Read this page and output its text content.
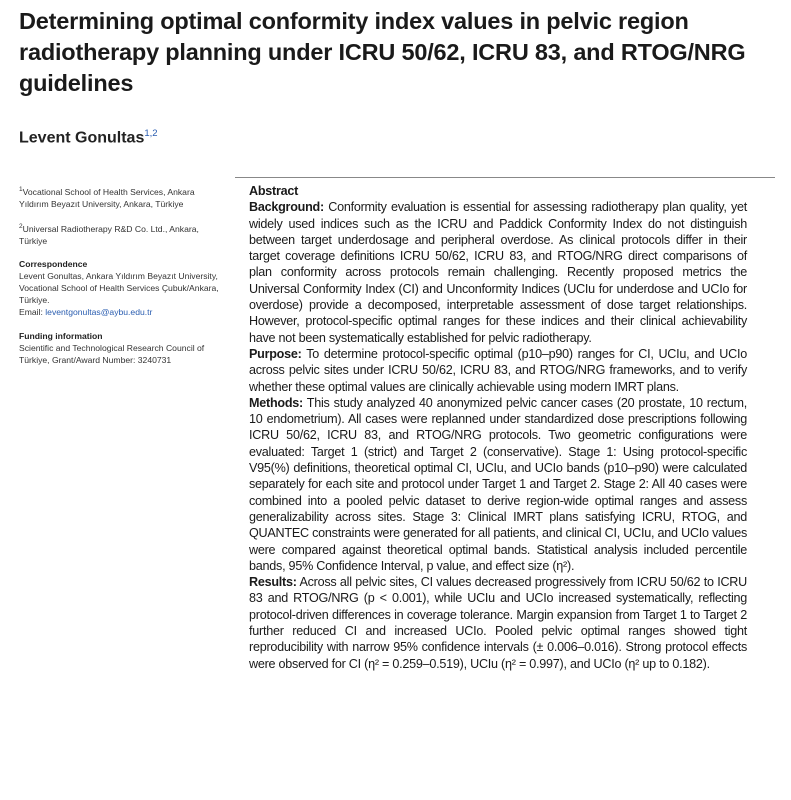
Determining optimal conformity index values in pelvic region radiotherapy planning under ICRU 50/62, ICRU 83, and RTOG/NRG guidelines
Levent Gonultas$^{1,2}$
$^1$Vocational School of Health Services, Ankara Yıldırım Beyazıt University, Ankara, Türkiye
$^2$Universal Radiotherapy R&D Co. Ltd., Ankara, Türkiye
Correspondence
Levent Gonultas, Ankara Yıldırım Beyazıt University, Vocational School of Health Services Çubuk/Ankara, Türkiye.
Email: leventgonultas@aybu.edu.tr
Funding information
Scientific and Technological Research Council of Türkiye, Grant/Award Number: 3240731
Abstract

Background: Conformity evaluation is essential for assessing radiotherapy plan quality, yet widely used indices such as the ICRU and Paddick Conformity Index do not distinguish between target underdosage and peripheral overdose. As clinical protocols differ in their target coverage definitions ICRU 50/62, ICRU 83, and RTOG/NRG direct comparisons of plan conformity across protocols remain challenging. Recently proposed metrics the Universal Conformity Index (CI) and Unconformity Indices (UCIu for underdose and UCIo for overdose) provide a decomposed, interpretable assessment of dose target relationships. However, protocol-specific optimal ranges for these indices and their clinical achievability have not been systematically established for pelvic radiotherapy.

Purpose: To determine protocol-specific optimal (p10–p90) ranges for CI, UCIu, and UCIo across pelvic sites under ICRU 50/62, ICRU 83, and RTOG/NRG frameworks, and to verify whether these optimal values are clinically achievable using modern IMRT plans.

Methods: This study analyzed 40 anonymized pelvic cancer cases (20 prostate, 10 rectum, 10 endometrium). All cases were replanned under standardized dose prescriptions following ICRU 50/62, ICRU 83, and RTOG/NRG protocols. Two geometric configurations were evaluated: Target 1 (strict) and Target 2 (conservative). Stage 1: Using protocol-specific V95(%) definitions, theoretical optimal CI, UCIu, and UCIo bands (p10–p90) were calculated separately for each site and protocol under Target 1 and Target 2. Stage 2: All 40 cases were combined into a pooled pelvic dataset to derive region-wide optimal ranges and assess generalizability across sites. Stage 3: Clinical IMRT plans satisfying ICRU, RTOG, and QUANTEC constraints were generated for all patients, and clinical CI, UCIu, and UCIo values were compared against theoretical optimal bands. Statistical analysis included percentile bands, 95% Confidence Interval, p value, and effect size (η²).

Results: Across all pelvic sites, CI values decreased progressively from ICRU 50/62 to ICRU 83 and RTOG/NRG (p < 0.001), while UCIu and UCIo increased systematically, reflecting protocol-driven differences in coverage tolerance. Margin expansion from Target 1 to Target 2 further reduced CI and increased UCIo. Pooled pelvic optimal ranges showed tight reproducibility with narrow 95% confidence intervals (± 0.006–0.016). Strong protocol effects were observed for CI (η² = 0.259–0.519), UCIu (η² = 0.997), and UCIo (η² up to 0.182).
